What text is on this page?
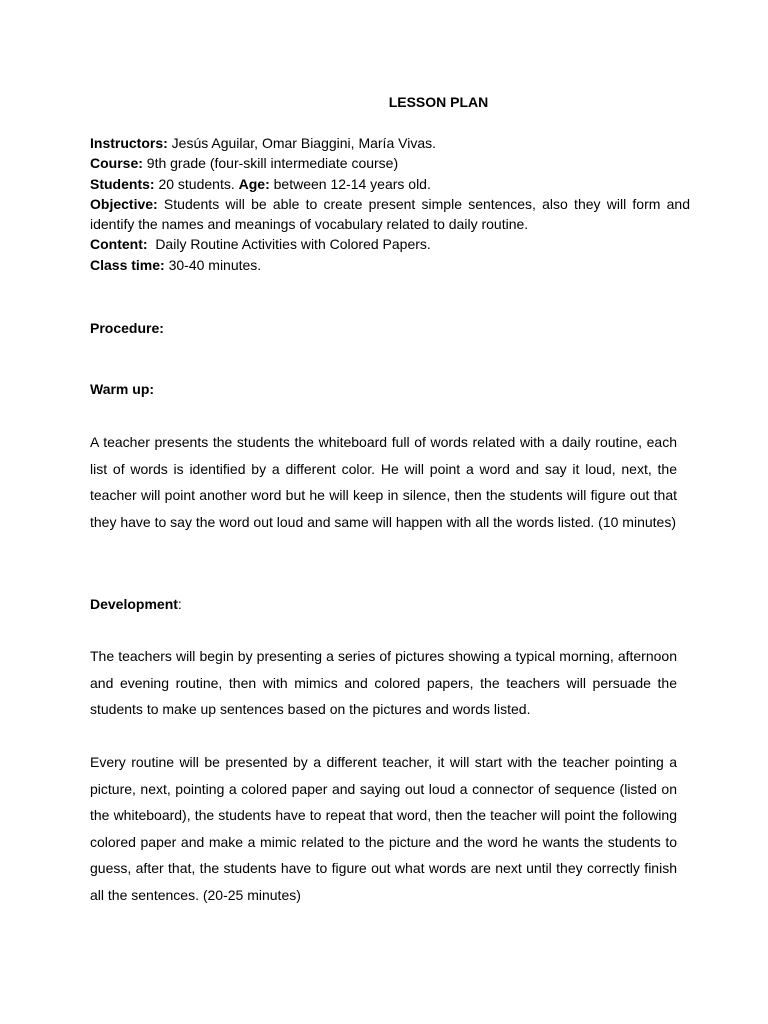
LESSON PLAN

Instructors: Jesús Aguilar, Omar Biaggini, María Vivas.

Course: 9th grade (four-skill intermediate course)

Students: 20 students. Age: between 12-14 years old.

Objective: Students will be able to create present simple sentences, also they will form and identify the names and meanings of vocabulary related to daily routine.

Content:  Daily Routine Activities with Colored Papers.

Class time: 30-40 minutes.

Procedure:

Warm up:

A teacher presents the students the whiteboard full of words related with a daily routine, each list of words is identified by a different color. He will point a word and say it loud, next, the teacher will point another word but he will keep in silence, then the students will figure out that they have to say the word out loud and same will happen with all the words listed. (10 minutes)

Development:

The teachers will begin by presenting a series of pictures showing a typical morning, afternoon and evening routine, then with mimics and colored papers, the teachers will persuade the students to make up sentences based on the pictures and words listed.

Every routine will be presented by a different teacher, it will start with the teacher pointing a picture, next, pointing a colored paper and saying out loud a connector of sequence (listed on the whiteboard), the students have to repeat that word, then the teacher will point the following colored paper and make a mimic related to the picture and the word he wants the students to guess, after that, the students have to figure out what words are next until they correctly finish all the sentences. (20-25 minutes)
